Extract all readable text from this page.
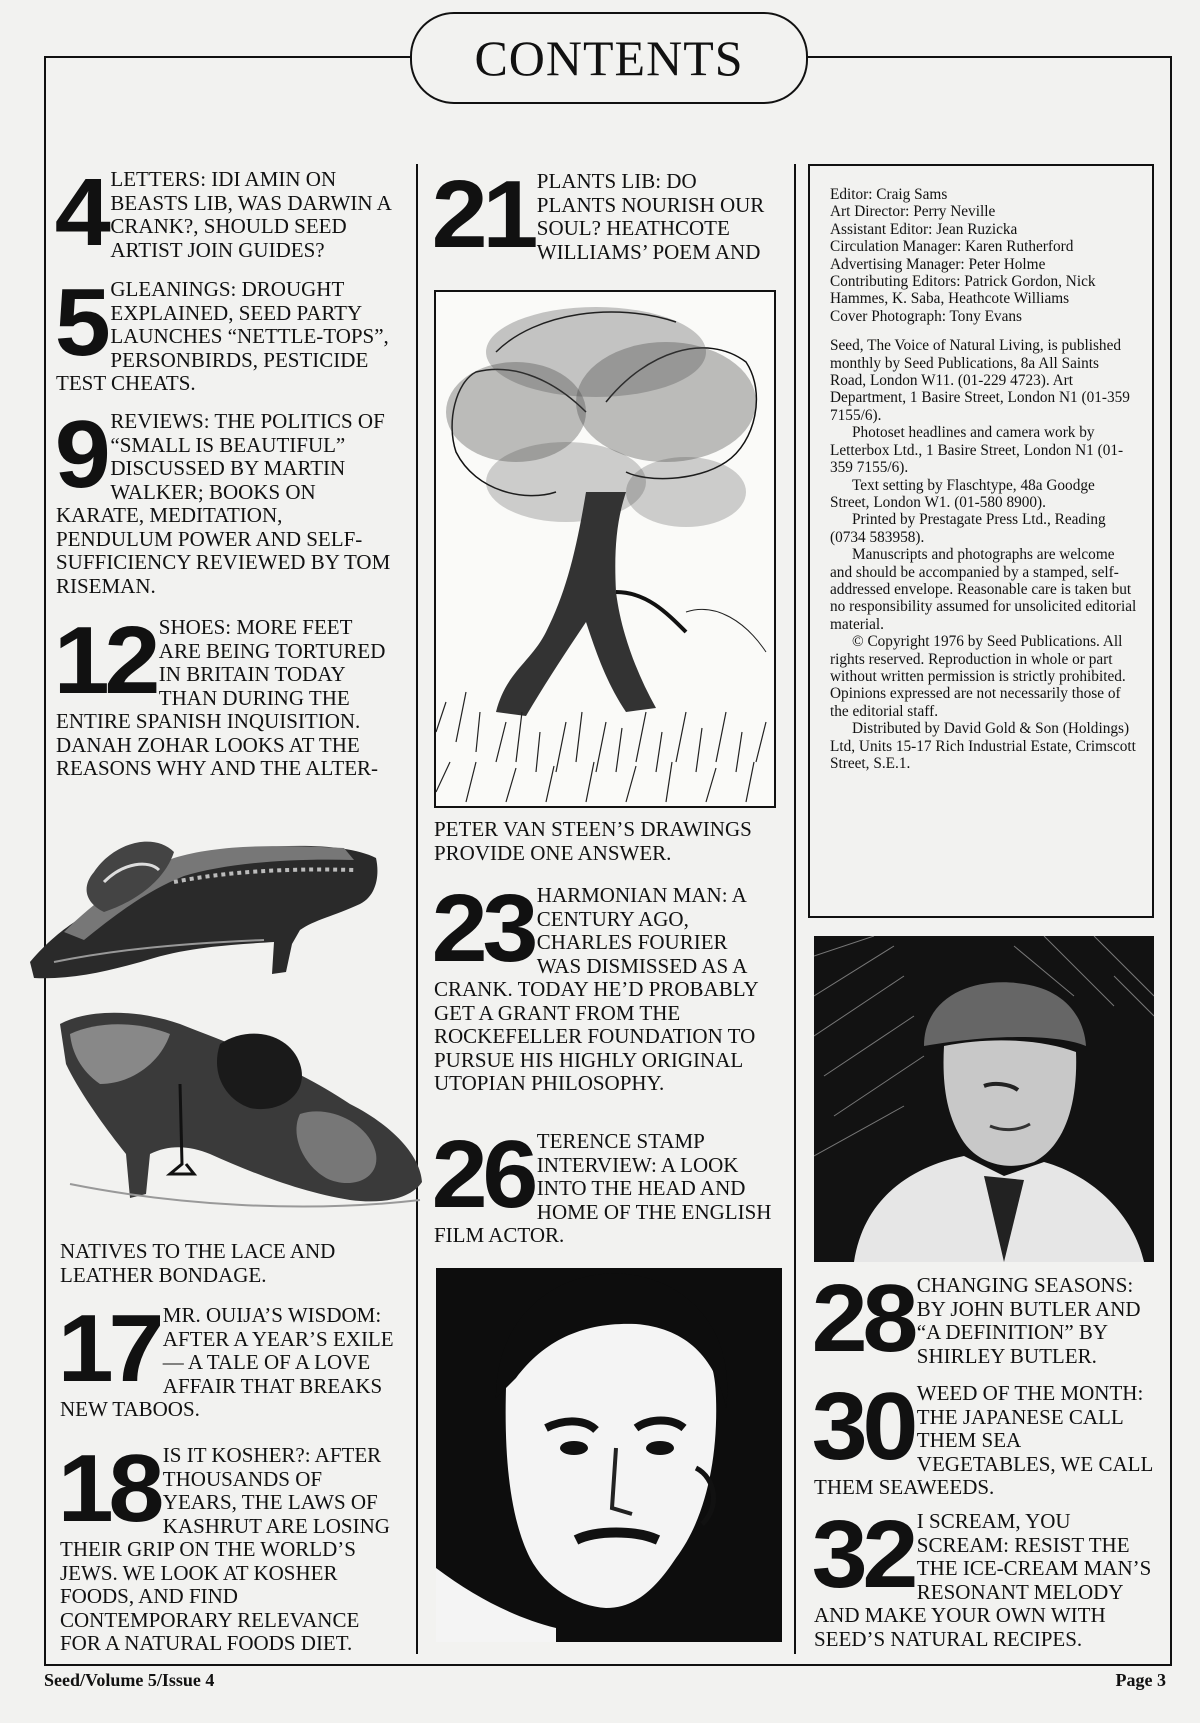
CONTENTS
4 LETTERS: IDI AMIN ON BEASTS LIB, WAS DARWIN A CRANK?, SHOULD SEED ARTIST JOIN GUIDES?
5 GLEANINGS: DROUGHT EXPLAINED, SEED PARTY LAUNCHES “NETTLE-TOPS”, PERSONBIRDS, PESTICIDE TEST CHEATS.
9 REVIEWS: THE POLITICS OF “SMALL IS BEAUTIFUL” DISCUSSED BY MARTIN WALKER; BOOKS ON KARATE, MEDITATION, PENDULUM POWER AND SELF-SUFFICIENCY REVIEWED BY TOM RISEMAN.
12 SHOES: MORE FEET ARE BEING TORTURED IN BRITAIN TODAY THAN DURING THE ENTIRE SPANISH INQUISITION. DANAH ZOHAR LOOKS AT THE REASONS WHY AND THE ALTER-
NATIVES TO THE LACE AND LEATHER BONDAGE.
17 MR. OUIJA’S WISDOM: AFTER A YEAR’S EXILE — A TALE OF A LOVE AFFAIR THAT BREAKS NEW TABOOS.
18 IS IT KOSHER?: AFTER THOUSANDS OF YEARS, THE LAWS OF KASHRUT ARE LOSING THEIR GRIP ON THE WORLD’S JEWS. WE LOOK AT KOSHER FOODS, AND FIND CONTEMPORARY RELEVANCE FOR A NATURAL FOODS DIET.
21 PLANTS LIB: DO PLANTS NOURISH OUR SOUL? HEATHCOTE WILLIAMS’ POEM AND
PETER VAN STEEN’S DRAWINGS PROVIDE ONE ANSWER.
23 HARMONIAN MAN: A CENTURY AGO, CHARLES FOURIER WAS DISMISSED AS A CRANK. TODAY HE’D PROBABLY GET A GRANT FROM THE ROCKEFELLER FOUNDATION TO PURSUE HIS HIGHLY ORIGINAL UTOPIAN PHILOSOPHY.
26 TERENCE STAMP INTERVIEW: A LOOK INTO THE HEAD AND HOME OF THE ENGLISH FILM ACTOR.

Editor: Craig Sams

Art Director: Perry Neville

Assistant Editor: Jean Ruzicka

Circulation Manager: Karen Rutherford

Advertising Manager: Peter Holme

Contributing Editors: Patrick Gordon, Nick Hammes, K. Saba, Heathcote Williams

Cover Photograph: Tony Evans

Seed, The Voice of Natural Living, is published monthly by Seed Publications, 8a All Saints Road, London W11. (01-229 4723). Art Department, 1 Basire Street, London N1 (01-359 7155/6).

Photoset headlines and camera work by Letterbox Ltd., 1 Basire Street, London N1 (01-359 7155/6).

Text setting by Flaschtype, 48a Goodge Street, London W1. (01-580 8900).

Printed by Prestagate Press Ltd., Reading (0734 583958).

Manuscripts and photographs are welcome and should be accompanied by a stamped, self-addressed envelope. Reasonable care is taken but no responsibility assumed for unsolicited editorial material.

© Copyright 1976 by Seed Publications. All rights reserved. Reproduction in whole or part without written permission is strictly prohibited. Opinions expressed are not necessarily those of the editorial staff.

Distributed by David Gold & Son (Holdings) Ltd, Units 15-17 Rich Industrial Estate, Crimscott Street, S.E.1.

28 CHANGING SEASONS: BY JOHN BUTLER AND “A DEFINITION” BY SHIRLEY BUTLER.
30 WEED OF THE MONTH: THE JAPANESE CALL THEM SEA VEGETABLES, WE CALL THEM SEAWEEDS.
32 I SCREAM, YOU SCREAM: RESIST THE THE ICE-CREAM MAN’S RESONANT MELODY AND MAKE YOUR OWN WITH SEED’S NATURAL RECIPES.
Seed/Volume 5/Issue 4	Page 3
